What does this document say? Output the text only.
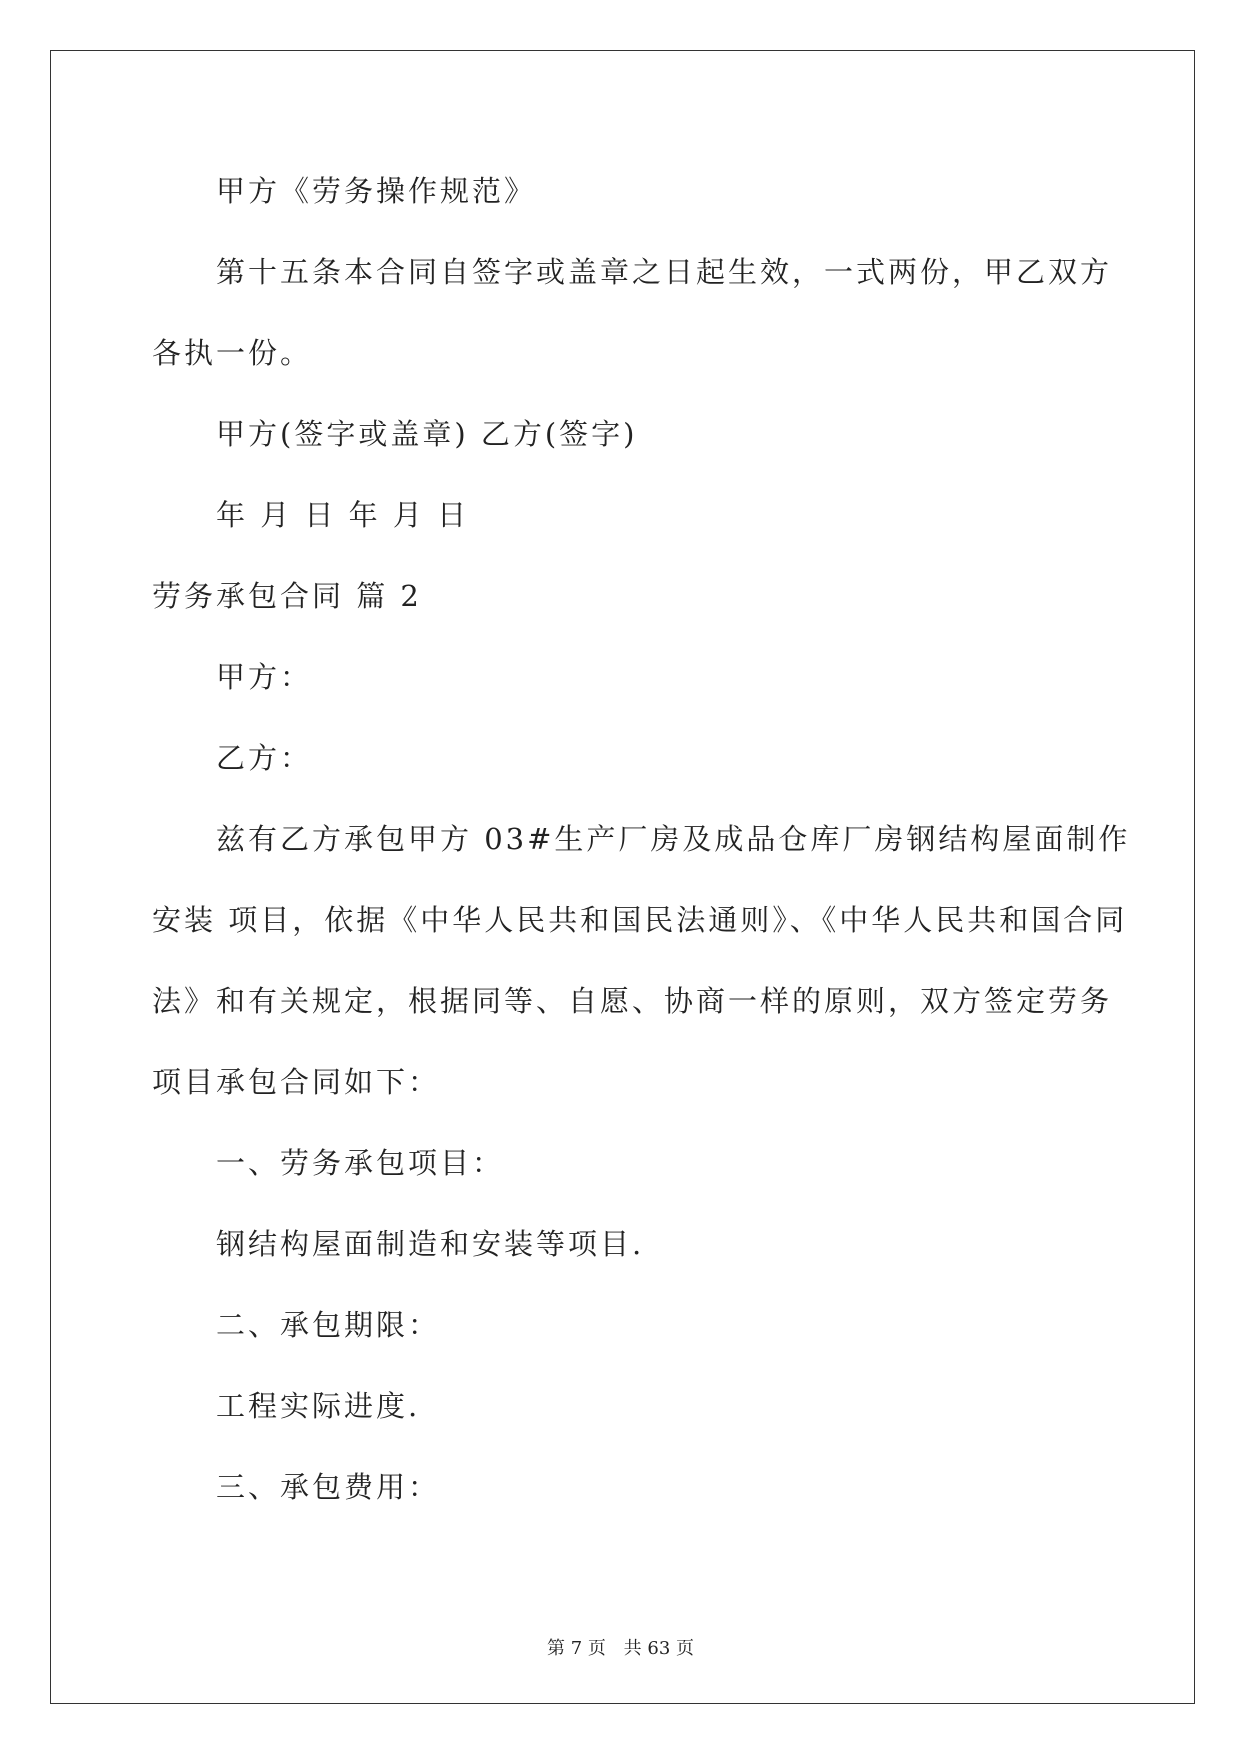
甲方《劳务操作规范》
第十五条本合同自签字或盖章之日起生效，一式两份，甲乙双方
各执一份。
甲方(签字或盖章) 乙方(签字)
年 月 日 年 月 日
劳务承包合同 篇 2
甲方：
乙方：
兹有乙方承包甲方 03#生产厂房及成品仓库厂房钢结构屋面制作
安装 项目，依据《中华人民共和国民法通则》、《中华人民共和国合同
法》和有关规定，根据同等、自愿、协商一样的原则，双方签定劳务
项目承包合同如下：
一、劳务承包项目：
钢结构屋面制造和安装等项目.
二、承包期限：
工程实际进度.
三、承包费用：
第 7 页 共 63 页
